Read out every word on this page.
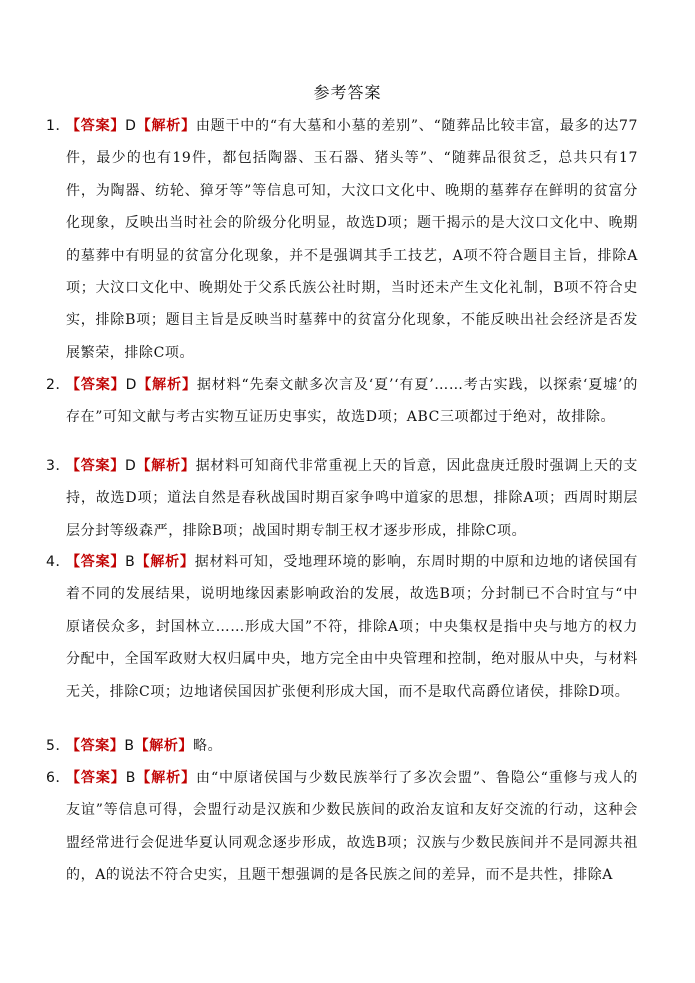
参考答案
1．
【答案】D【解析】由题干中的“有大墓和小墓的差别”、“随葬品比较丰富，最多的达77件，最少的也有19件，都包括陶器、玉石器、猪头等”、“随葬品很贫乏，总共只有17件，为陶器、纺轮、獐牙等”等信息可知，大汶口文化中、晚期的墓葬存在鲜明的贫富分化现象，反映出当时社会的阶级分化明显，故选D项；题干揭示的是大汶口文化中、晚期的墓葬中有明显的贫富分化现象，并不是强调其手工技艺，A项不符合题目主旨，排除A项；大汶口文化中、晚期处于父系氏族公社时期，当时还未产生文化礼制，B项不符合史实，排除B项；题目主旨是反映当时墓葬中的贫富分化现象，不能反映出社会经济是否发展繁荣，排除C项。
2．
【答案】D【解析】据材料“先秦文献多次言及‘夏’‘有夏’……考古实践，以探索‘夏墟’的存在”可知文献与考古实物互证历史事实，故选D项；ABC三项都过于绝对，故排除。
3．
【答案】D【解析】据材料可知商代非常重视上天的旨意，因此盘庚迁殷时强调上天的支持，故选D项；道法自然是春秋战国时期百家争鸣中道家的思想，排除A项；西周时期层层分封等级森严，排除B项；战国时期专制王权才逐步形成，排除C项。
4．
【答案】B【解析】据材料可知，受地理环境的影响，东周时期的中原和边地的诸侯国有着不同的发展结果，说明地缘因素影响政治的发展，故选B项；分封制已不合时宜与“中原诸侯众多，封国林立……形成大国”不符，排除A项；中央集权是指中央与地方的权力分配中，全国军政财大权归属中央，地方完全由中央管理和控制，绝对服从中央，与材料无关，排除C项；边地诸侯国因扩张便利形成大国，而不是取代高爵位诸侯，排除D项。
5．
【答案】B【解析】略。
6．
【答案】B【解析】由“中原诸侯国与少数民族举行了多次会盟”、鲁隐公“重修与戎人的友谊”等信息可得，会盟行动是汉族和少数民族间的政治友谊和友好交流的行动，这种会盟经常进行会促进华夏认同观念逐步形成，故选B项；汉族与少数民族间并不是同源共祖的，A的说法不符合史实，且题干想强调的是各民族之间的差异，而不是共性，排除A
